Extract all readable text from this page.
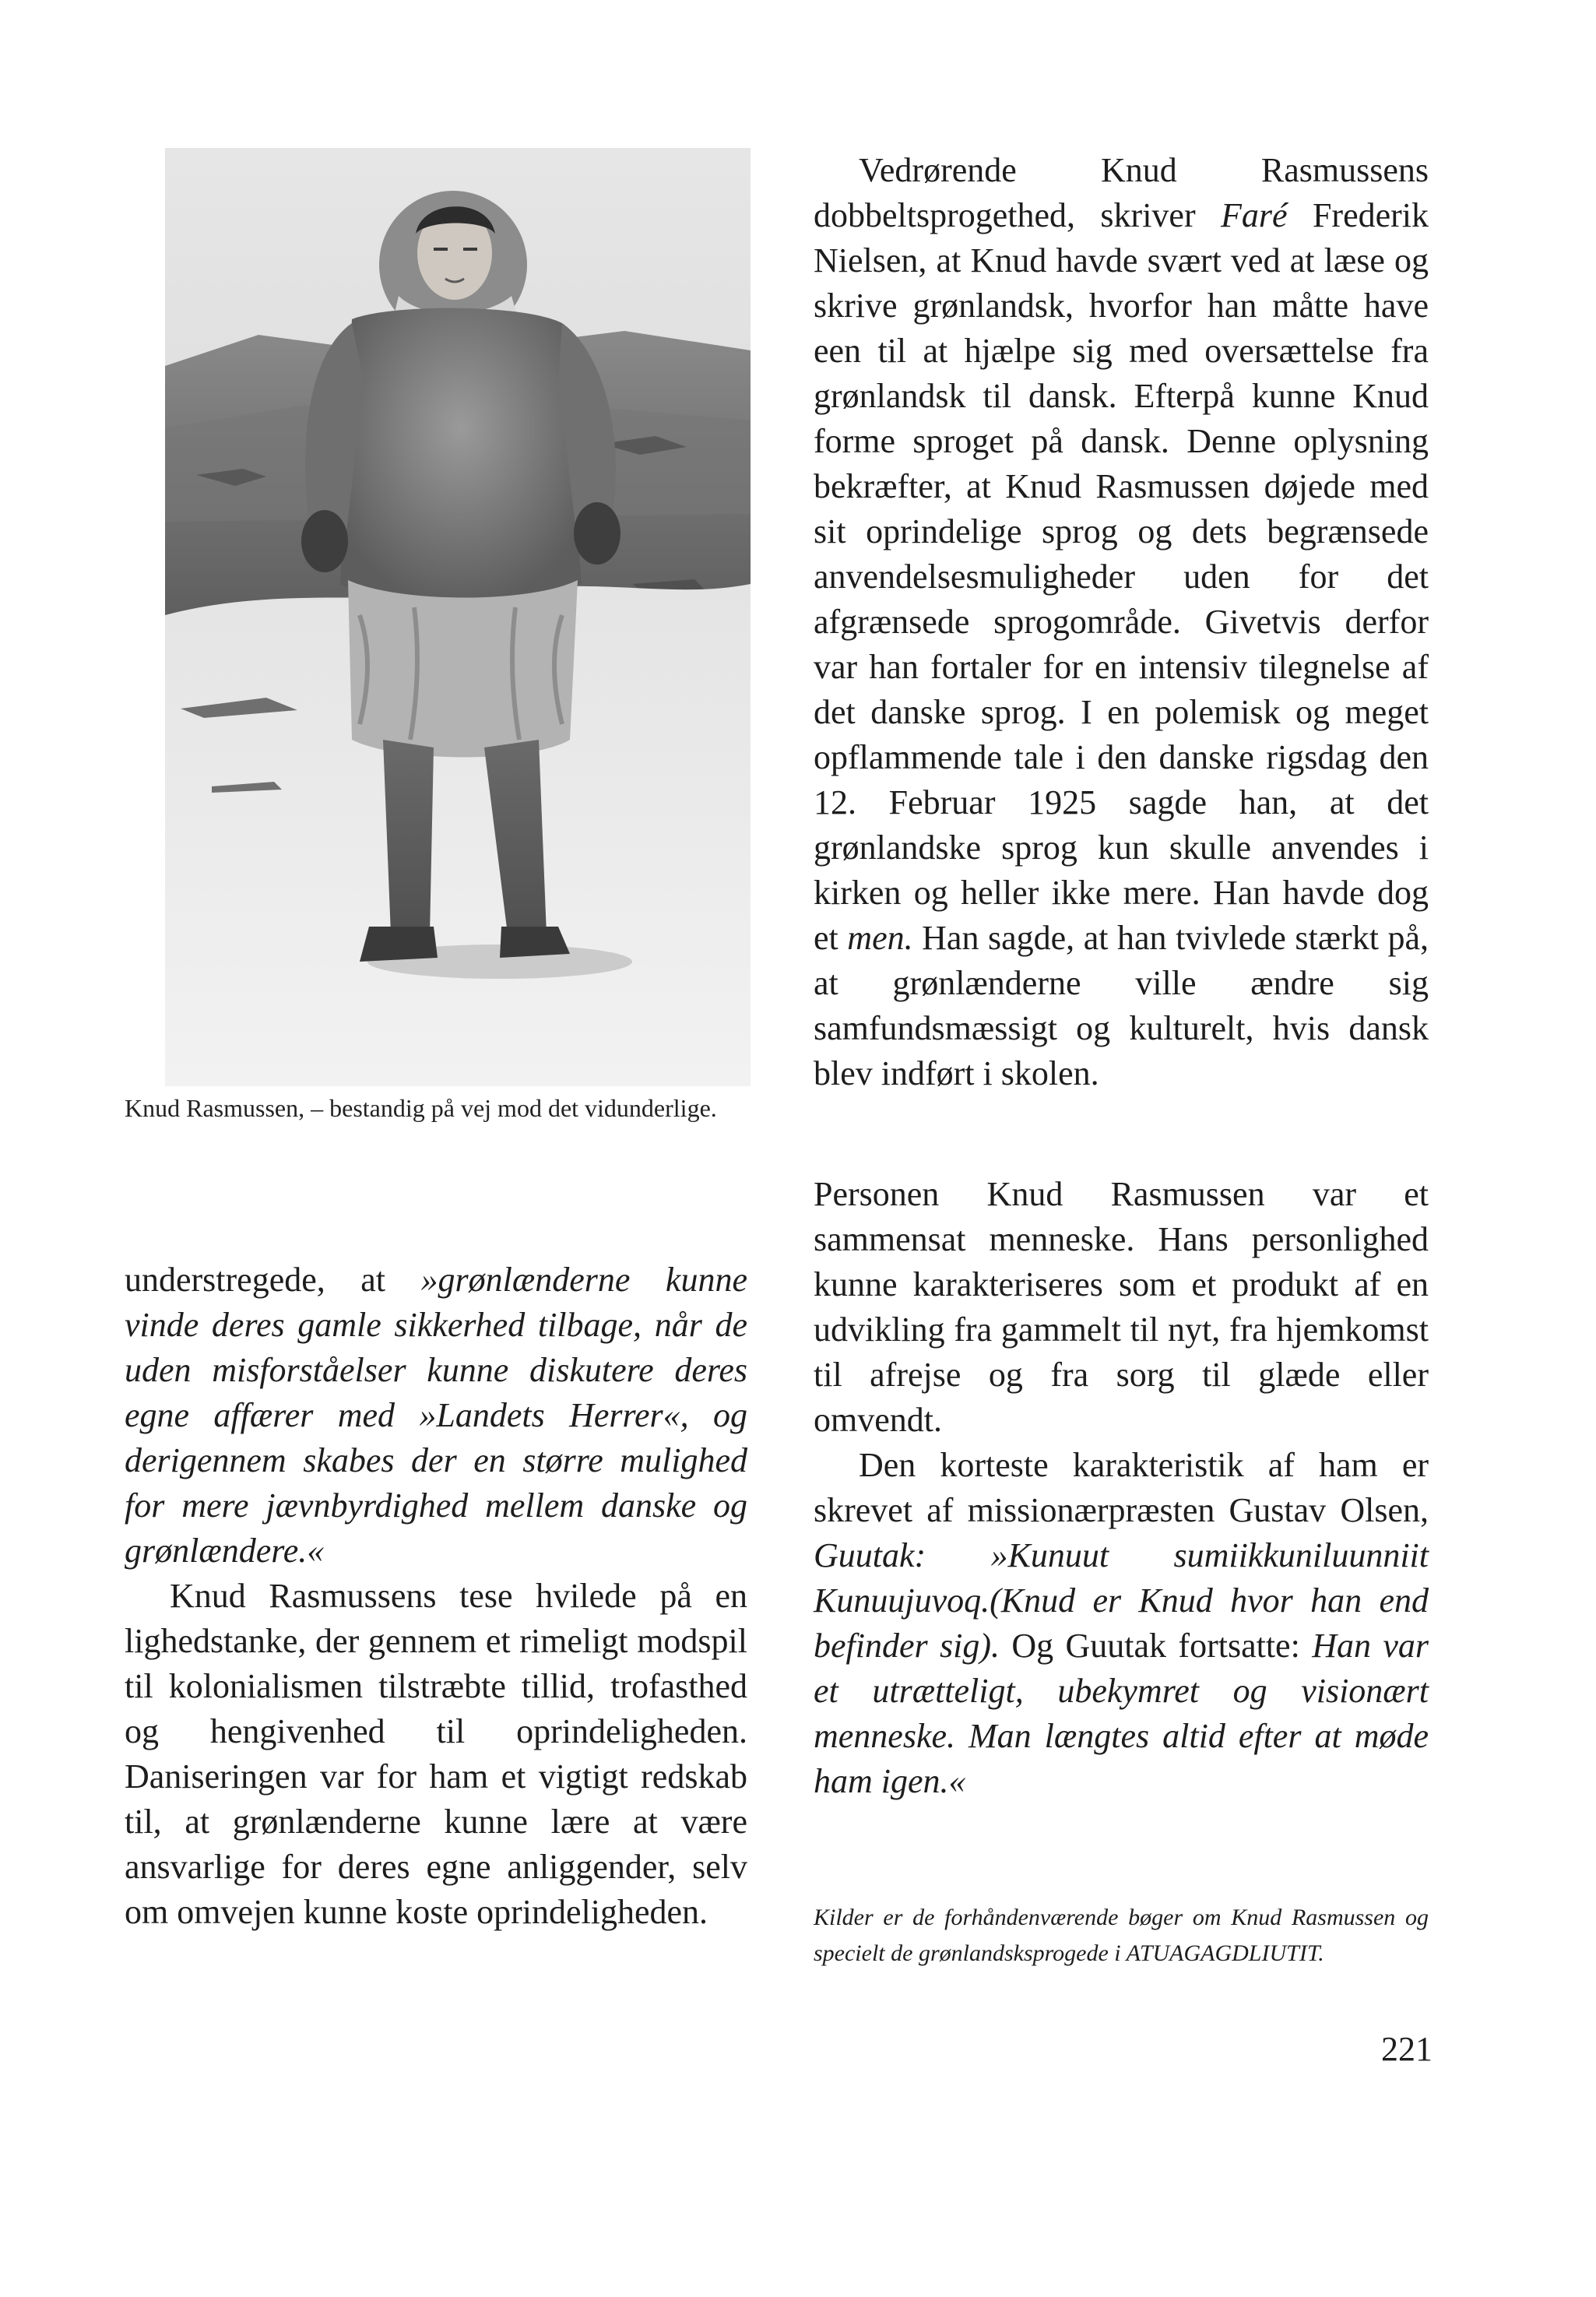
Knud Rasmussen, – bestandig på vej mod det vidunderlige.

understregede, at »grønlænderne kunne vinde deres gamle sikkerhed tilbage, når de uden misforståelser kunne diskutere deres egne affærer med »Landets Herrer«, og derigennem skabes der en større mulighed for mere jævnbyrdighed mellem danske og grønlændere.«

Knud Rasmussens tese hvilede på en lighedstanke, der gennem et rimeligt modspil til kolonialismen tilstræbte tillid, trofasthed og hengivenhed til oprindeligheden. Daniseringen var for ham et vigtigt redskab til, at grønlænderne kunne lære at være ansvarlige for deres egne anliggender, selv om omvejen kunne koste oprindeligheden.

Vedrørende Knud Rasmussens dobbeltsprogethed, skriver Faré Frederik Nielsen, at Knud havde svært ved at læse og skrive grønlandsk, hvorfor han måtte have een til at hjælpe sig med oversættelse fra grønlandsk til dansk. Efterpå kunne Knud forme sproget på dansk. Denne oplysning bekræfter, at Knud Rasmussen døjede med sit oprindelige sprog og dets begrænsede anvendelsesmuligheder uden for det afgrænsede sprogområde. Givetvis derfor var han fortaler for en intensiv tilegnelse af det danske sprog. I en polemisk og meget opflammende tale i den danske rigsdag den 12. Februar 1925 sagde han, at det grønlandske sprog kun skulle anvendes i kirken og heller ikke mere. Han havde dog et men. Han sagde, at han tvivlede stærkt på, at grønlænderne ville ændre sig samfundsmæssigt og kulturelt, hvis dansk blev indført i skolen.

Personen Knud Rasmussen var et sammensat menneske. Hans personlighed kunne karakteriseres som et produkt af en udvikling fra gammelt til nyt, fra hjemkomst til afrejse og fra sorg til glæde eller omvendt.

Den korteste karakteristik af ham er skrevet af missionærpræsten Gustav Olsen, Guutak: »Kunuut sumiikkuniluunniit Kunuujuvoq.(Knud er Knud hvor han end befinder sig). Og Guutak fortsatte: Han var et utrætteligt, ubekymret og visionært menneske. Man længtes altid efter at møde ham igen.«

Kilder er de forhåndenværende bøger om Knud Rasmussen og specielt de grønlandsksprogede i ATUAGAGDLIUTIT.
221
